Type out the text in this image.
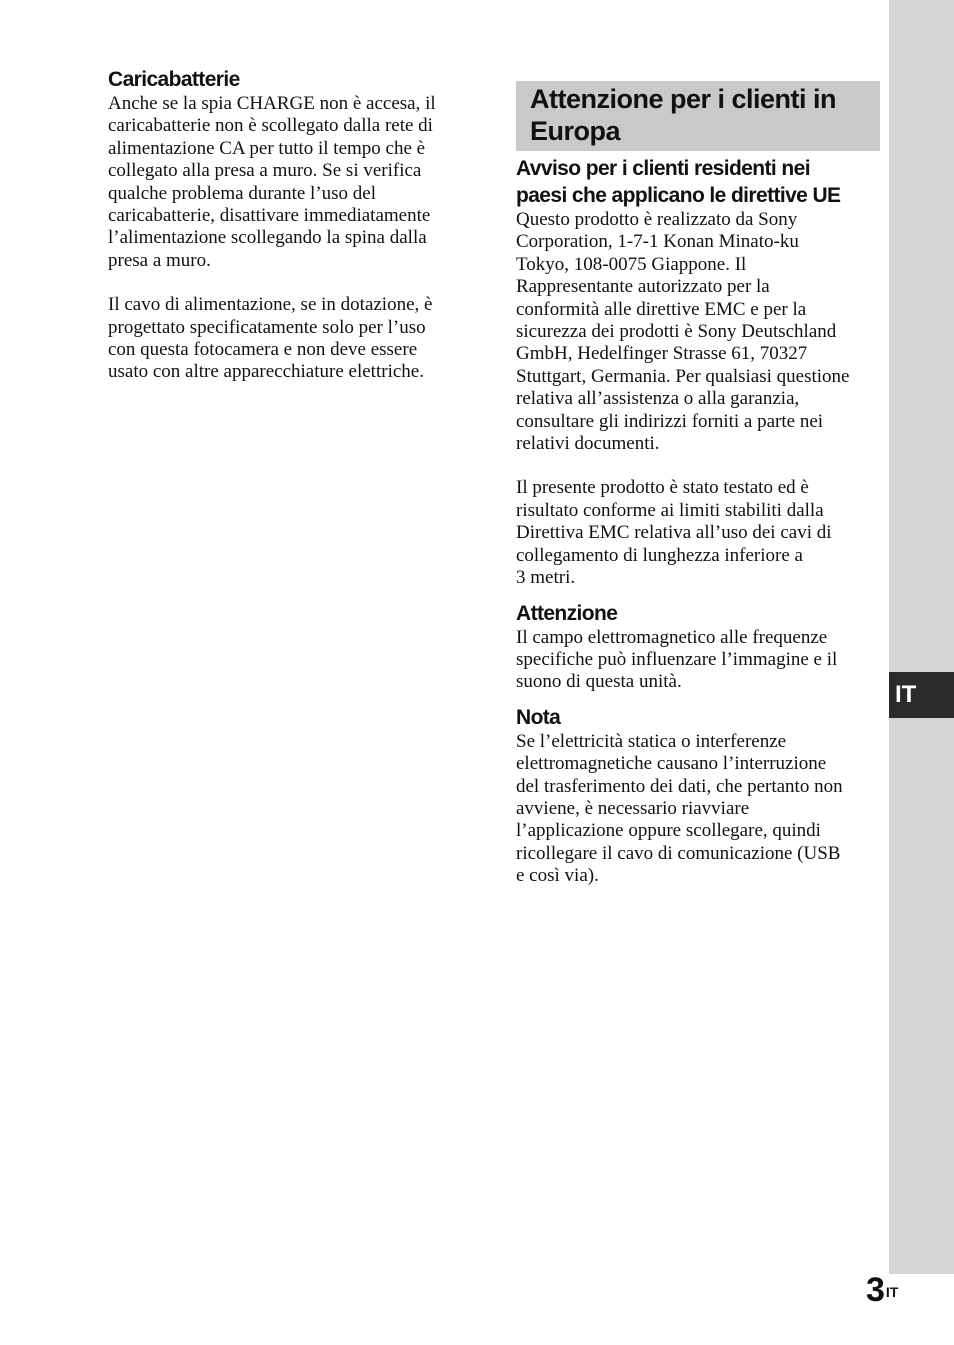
IT
Caricabatterie

Anche se la spia CHARGE non è accesa, il
caricabatterie non è scollegato dalla rete di
alimentazione CA per tutto il tempo che è
collegato alla presa a muro. Se si verifica
qualche problema durante l’uso del
caricabatterie, disattivare immediatamente
l’alimentazione scollegando la spina dalla
presa a muro.

Il cavo di alimentazione, se in dotazione, è
progettato specificatamente solo per l’uso
con questa fotocamera e non deve essere
usato con altre apparecchiature elettriche.

Attenzione per i clienti in
Europa
Avviso per i clienti residenti nei
paesi che applicano le direttive UE

Questo prodotto è realizzato da Sony
Corporation, 1-7-1 Konan Minato-ku
Tokyo, 108-0075 Giappone. Il
Rappresentante autorizzato per la
conformità alle direttive EMC e per la
sicurezza dei prodotti è Sony Deutschland
GmbH, Hedelfinger Strasse 61, 70327
Stuttgart, Germania. Per qualsiasi questione
relativa all’assistenza o alla garanzia,
consultare gli indirizzi forniti a parte nei
relativi documenti.

Il presente prodotto è stato testato ed è
risultato conforme ai limiti stabiliti dalla
Direttiva EMC relativa all’uso dei cavi di
collegamento di lunghezza inferiore a
3 metri.

Attenzione

Il campo elettromagnetico alle frequenze
specifiche può influenzare l’immagine e il
suono di questa unità.

Nota

Se l’elettricità statica o interferenze
elettromagnetiche causano l’interruzione
del trasferimento dei dati, che pertanto non
avviene, è necessario riavviare
l’applicazione oppure scollegare, quindi
ricollegare il cavo di comunicazione (USB
e così via).

$3^{IT}$
